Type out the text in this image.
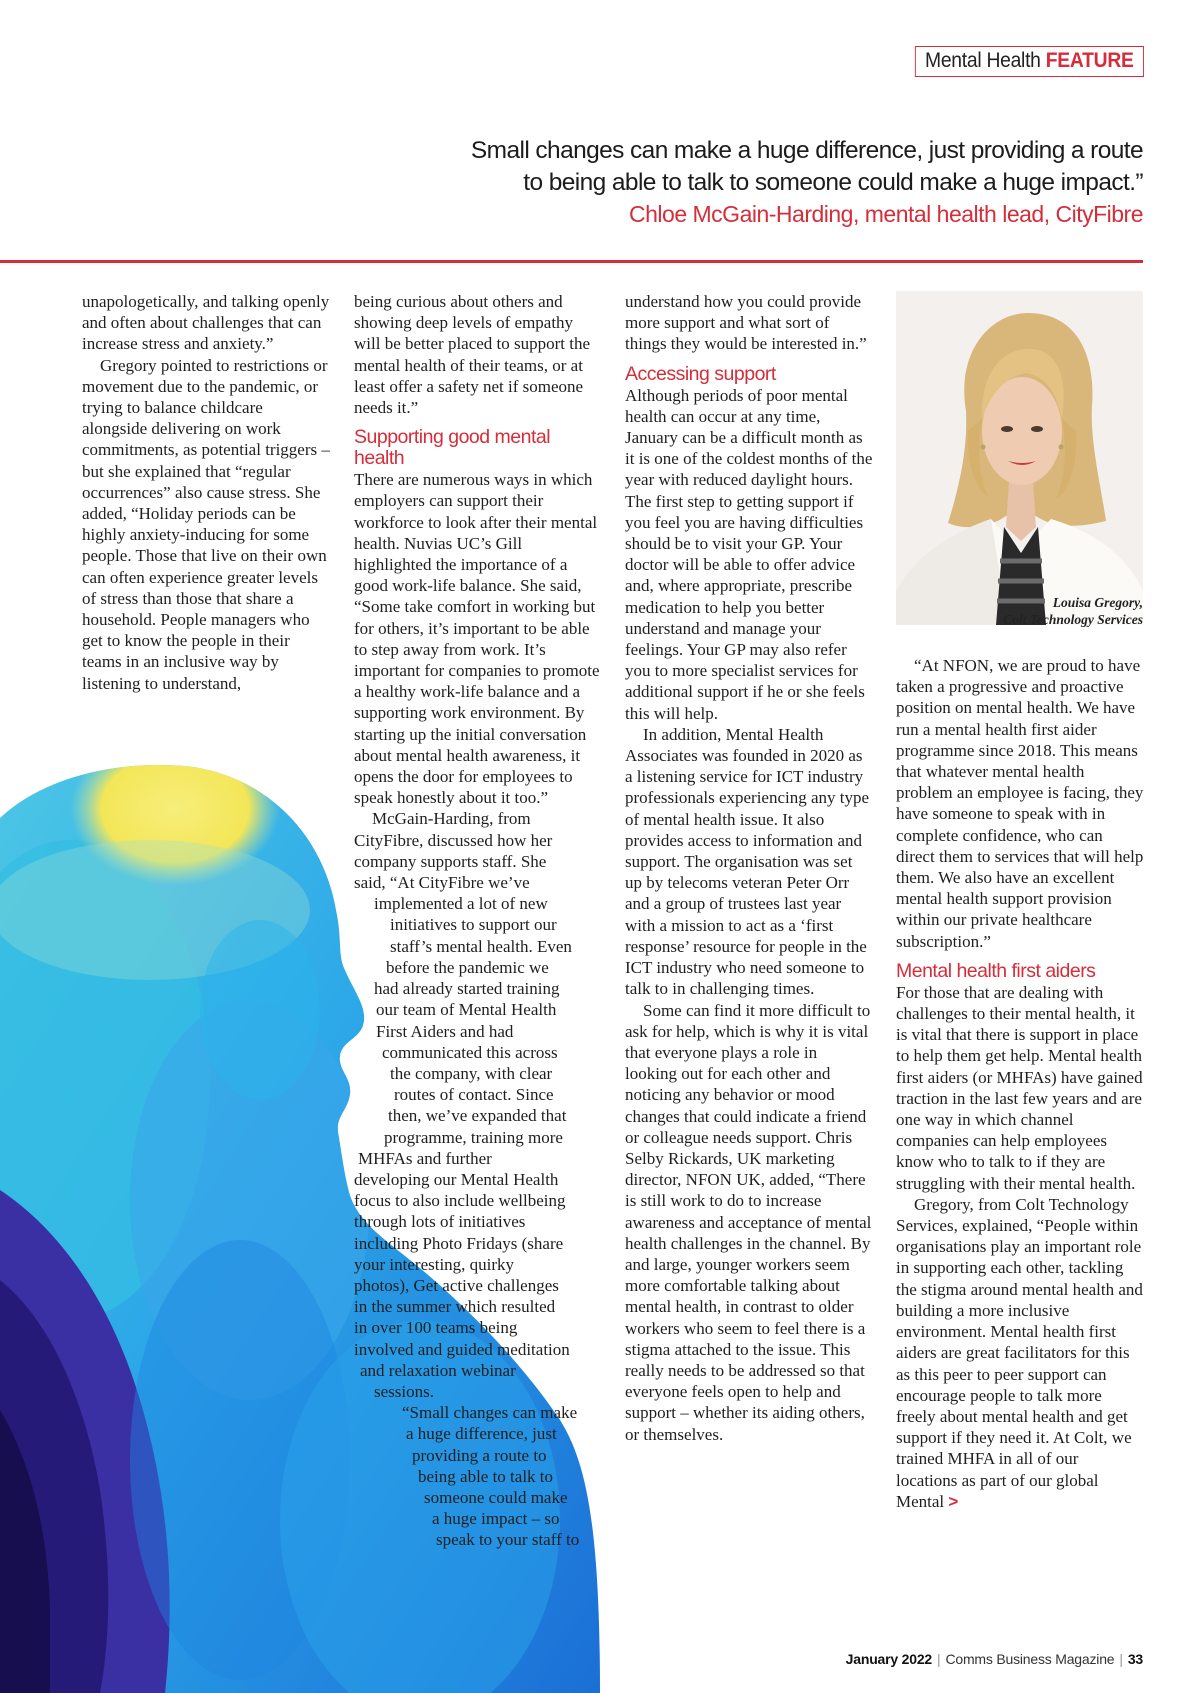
Mental Health FEATURE
Small changes can make a huge difference, just providing a route
to being able to talk to someone could make a huge impact.”
Chloe McGain-Harding, mental health lead, CityFibre

unapologetically, and talking openly and often about challenges that can increase stress and anxiety.”

Gregory pointed to restrictions or movement due to the pandemic, or trying to balance childcare alongside delivering on work commitments, as potential triggers – but she explained that “regular occurrences” also cause stress. She added, “Holiday periods can be highly anxiety-inducing for some people. Those that live on their own can often experience greater levels of stress than those that share a household. People managers who get to know the people in their teams in an inclusive way by listening to understand,

being curious about others and showing deep levels of empathy will be better placed to support the mental health of their teams, or at least offer a safety net if someone needs it.”

Supporting good mental health

There are numerous ways in which employers can support their workforce to look after their mental health. Nuvias UC’s Gill highlighted the importance of a good work-life balance. She said, “Some take comfort in working but for others, it’s important to be able to step away from work. It’s important for companies to promote a healthy work-life balance and a supporting work environment. By starting up the initial conversation about mental health awareness, it opens the door for employees to speak honestly about it too.”

McGain-Harding, from
CityFibre, discussed how her
company supports staff. She
said, “At CityFibre we’ve
implemented a lot of new
initiatives to support our
staff’s mental health. Even
before the pandemic we
had already started training
our team of Mental Health
First Aiders and had
communicated this across
the company, with clear
routes of contact. Since
then, we’ve expanded that
programme, training more
MHFAs and further
developing our Mental Health
focus to also include wellbeing
through lots of initiatives
including Photo Fridays (share
your interesting, quirky
photos), Get active challenges
in the summer which resulted
in over 100 teams being
involved and guided meditation
and relaxation webinar
sessions.

“Small changes can make
a huge difference, just
providing a route to
being able to talk to
someone could make
a huge impact – so
speak to your staff to

understand how you could provide more support and what sort of things they would be interested in.”

Accessing support

Although periods of poor mental health can occur at any time, January can be a difficult month as it is one of the coldest months of the year with reduced daylight hours. The first step to getting support if you feel you are having difficulties should be to visit your GP. Your doctor will be able to offer advice and, where appropriate, prescribe medication to help you better understand and manage your feelings. Your GP may also refer you to more specialist services for additional support if he or she feels this will help.

In addition, Mental Health Associates was founded in 2020 as a listening service for ICT industry professionals experiencing any type of mental health issue. It also provides access to information and support. The organisation was set up by telecoms veteran Peter Orr and a group of trustees last year with a mission to act as a ‘first response’ resource for people in the ICT industry who need someone to talk to in challenging times.

Some can find it more difficult to ask for help, which is why it is vital that everyone plays a role in looking out for each other and noticing any behavior or mood changes that could indicate a friend or colleague needs support. Chris Selby Rickards, UK marketing director, NFON UK, added, “There is still work to do to increase awareness and acceptance of mental health challenges in the channel. By and large, younger workers seem more comfortable talking about mental health, in contrast to older workers who seem to feel there is a stigma attached to the issue. This really needs to be addressed so that everyone feels open to help and support – whether its aiding others, or themselves.

Louisa Gregory,
Colt Technology Services

“At NFON, we are proud to have taken a progressive and proactive position on mental health. We have run a mental health first aider programme since 2018. This means that whatever mental health problem an employee is facing, they have someone to speak with in complete confidence, who can direct them to services that will help them. We also have an excellent mental health support provision within our private healthcare subscription.”

Mental health first aiders

For those that are dealing with challenges to their mental health, it is vital that there is support in place to help them get help. Mental health first aiders (or MHFAs) have gained traction in the last few years and are one way in which channel companies can help employees know who to talk to if they are struggling with their mental health.

Gregory, from Colt Technology Services, explained, “People within organisations play an important role in supporting each other, tackling the stigma around mental health and building a more inclusive environment. Mental health first aiders are great facilitators for this as this peer to peer support can encourage people to talk more freely about mental health and get support if they need it. At Colt, we trained MHFA in all of our locations as part of our global Mental >

January 2022 | Comms Business Magazine | 33
